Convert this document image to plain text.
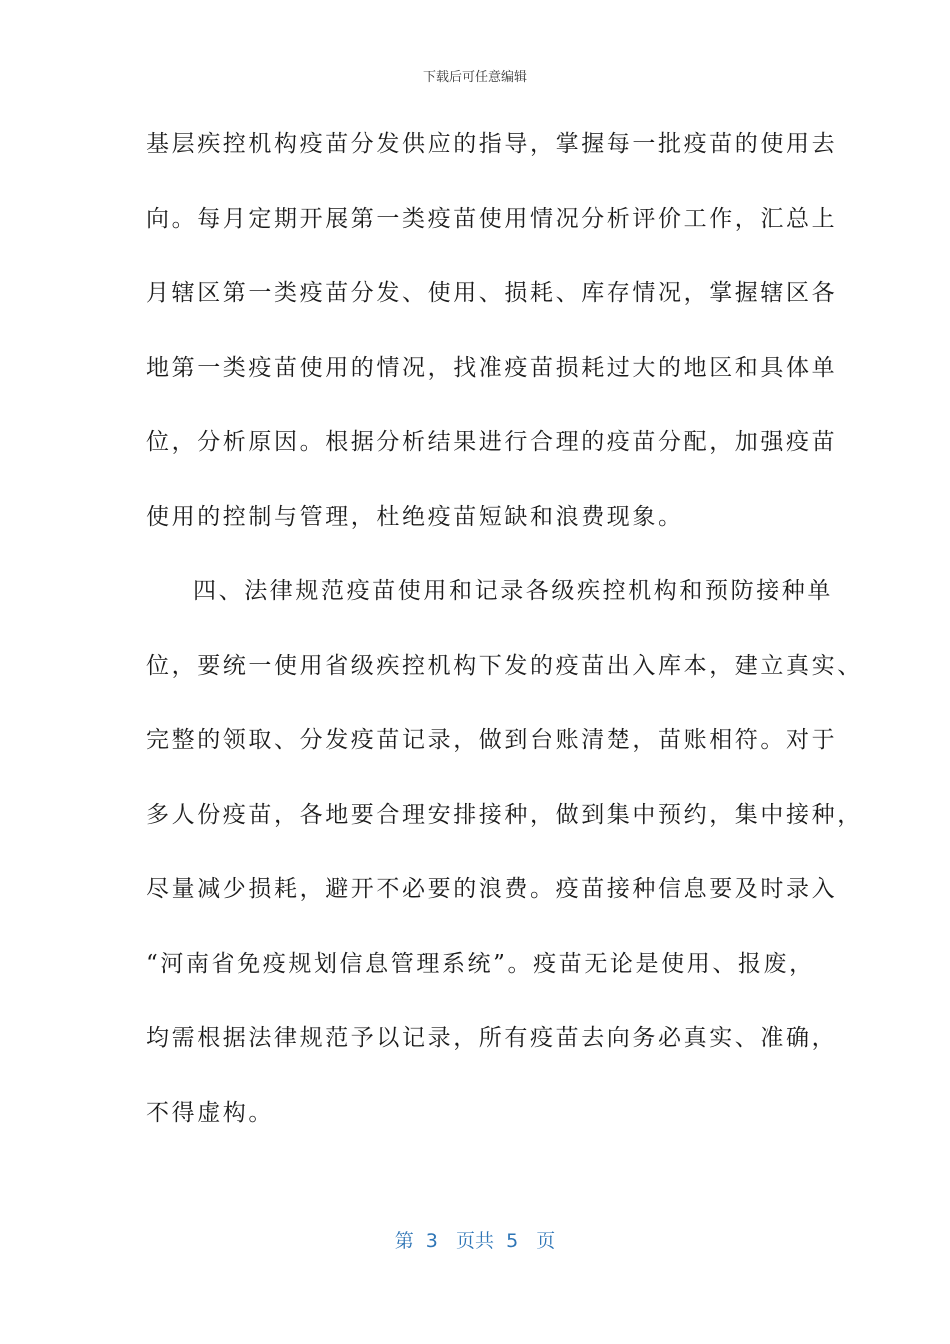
下载后可任意编辑
基层疾控机构疫苗分发供应的指导，掌握每一批疫苗的使用去
向。每月定期开展第一类疫苗使用情况分析评价工作，汇总上
月辖区第一类疫苗分发、使用、损耗、库存情况，掌握辖区各
地第一类疫苗使用的情况，找准疫苗损耗过大的地区和具体单
位，分析原因。根据分析结果进行合理的疫苗分配，加强疫苗
使用的控制与管理，杜绝疫苗短缺和浪费现象。
四、法律规范疫苗使用和记录各级疾控机构和预防接种单
位，要统一使用省级疾控机构下发的疫苗出入库本，建立真实、
完整的领取、分发疫苗记录，做到台账清楚，苗账相符。对于
多人份疫苗，各地要合理安排接种，做到集中预约，集中接种，
尽量减少损耗，避开不必要的浪费。疫苗接种信息要及时录入
“河南省免疫规划信息管理系统”。疫苗无论是使用、报废，
均需根据法律规范予以记录，所有疫苗去向务必真实、准确，
不得虚构。
第  3   页共  5   页
